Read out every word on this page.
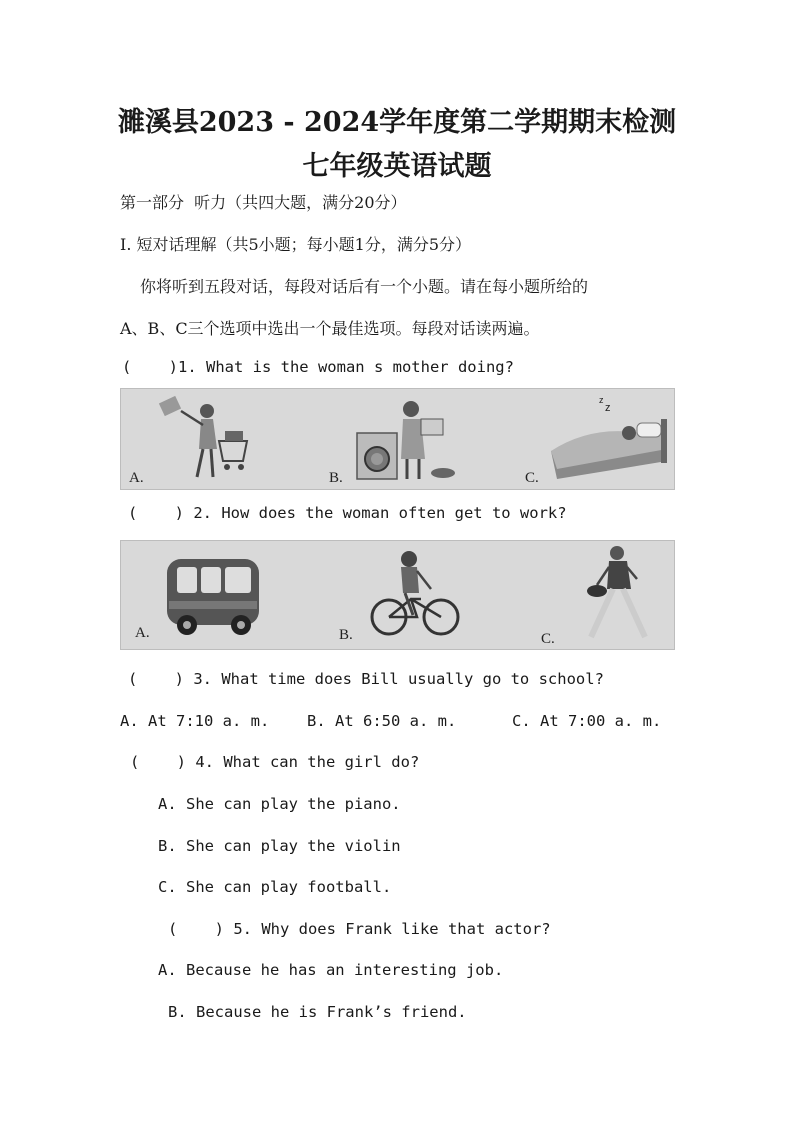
濉溪县2023 - 2024学年度第二学期期末检测
七年级英语试题
第一部分  听力（共四大题，满分20分）
I. 短对话理解（共5小题；每小题1分，满分5分）
你将听到五段对话，每段对话后有一个小题。请在每小题所给的
A、B、C三个选项中选出一个最佳选项。每段对话读两遍。
(    )1. What is the woman s mother doing?
A.	B.
z
z
C.
(    ) 2. How does the woman often get to work?
A.	B.	C.
(    ) 3. What time does Bill usually go to school?
A. At 7:10 a. m. B. At 6:50 a. m.	C. At 7:00 a. m.
(    ) 4. What can the girl do?
A. She can play the piano.
B. She can play the violin
C. She can play football.
(    ) 5. Why does Frank like that actor?
A. Because he has an interesting job.
B. Because he is Frank’s friend.
